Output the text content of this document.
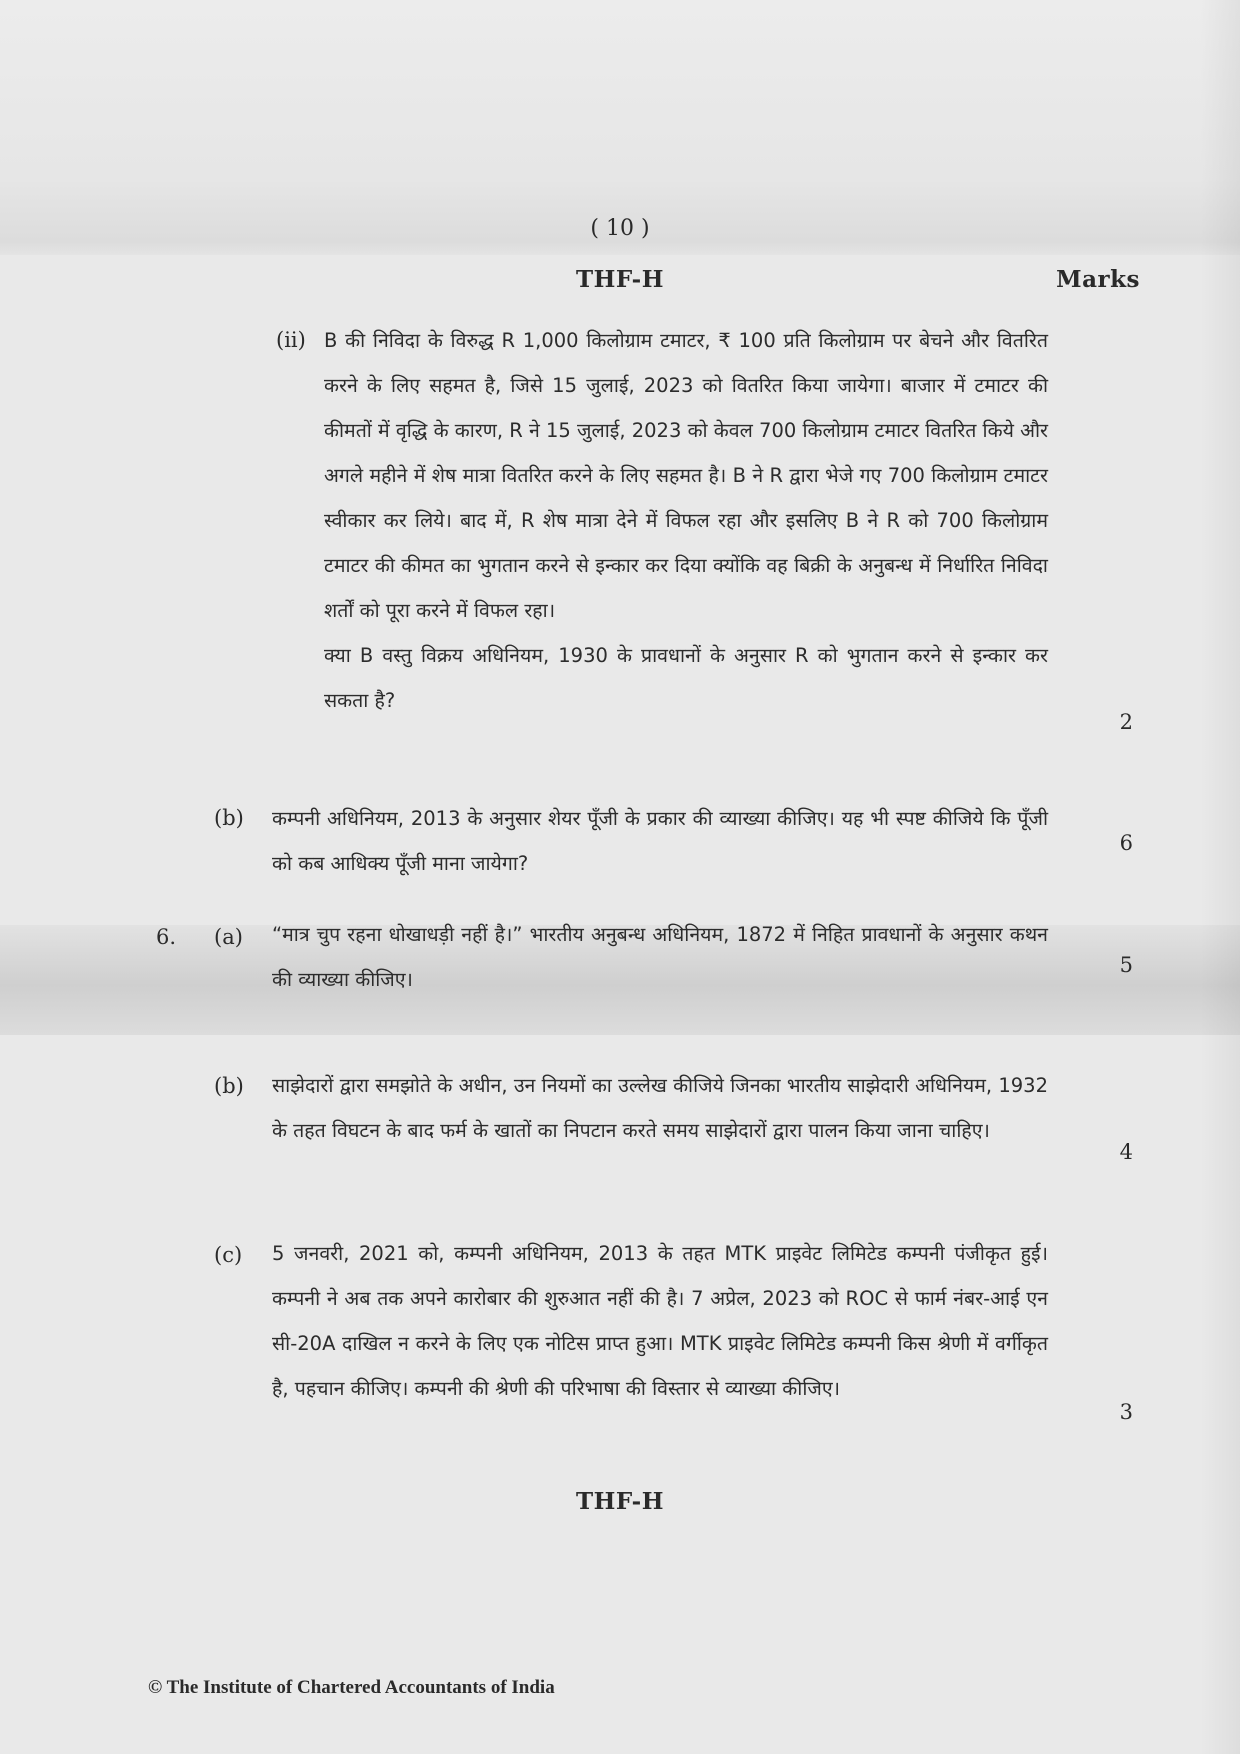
( 10 )
THF-H	Marks
(ii) B की निविदा के विरुद्ध R 1,000 किलोग्राम टमाटर, ₹ 100 प्रति किलोग्राम पर बेचने और वितरित करने के लिए सहमत है, जिसे 15 जुलाई, 2023 को वितरित किया जायेगा। बाजार में टमाटर की कीमतों में वृद्धि के कारण, R ने 15 जुलाई, 2023 को केवल 700 किलोग्राम टमाटर वितरित किये और अगले महीने में शेष मात्रा वितरित करने के लिए सहमत है। B ने R द्वारा भेजे गए 700 किलोग्राम टमाटर स्वीकार कर लिये। बाद में, R शेष मात्रा देने में विफल रहा और इसलिए B ने R को 700 किलोग्राम टमाटर की कीमत का भुगतान करने से इन्कार कर दिया क्योंकि वह बिक्री के अनुबन्ध में निर्धारित निविदा शर्तों को पूरा करने में विफल रहा।

क्या B वस्तु विक्रय अधिनियम, 1930 के प्रावधानों के अनुसार R को भुगतान करने से इन्कार कर सकता है?

2
(b) कम्पनी अधिनियम, 2013 के अनुसार शेयर पूँजी के प्रकार की व्याख्या कीजिए। यह भी स्पष्ट कीजिये कि पूँजी को कब आधिक्य पूँजी माना जायेगा?
6
6. (a) “मात्र चुप रहना धोखाधड़ी नहीं है।” भारतीय अनुबन्ध अधिनियम, 1872 में निहित प्रावधानों के अनुसार कथन की व्याख्या कीजिए।
5
(b) साझेदारों द्वारा समझोते के अधीन, उन नियमों का उल्लेख कीजिये जिनका भारतीय साझेदारी अधिनियम, 1932 के तहत विघटन के बाद फर्म के खातों का निपटान करते समय साझेदारों द्वारा पालन किया जाना चाहिए।
4
(c) 5 जनवरी, 2021 को, कम्पनी अधिनियम, 2013 के तहत MTK प्राइवेट लिमिटेड कम्पनी पंजीकृत हुई। कम्पनी ने अब तक अपने कारोबार की शुरुआत नहीं की है। 7 अप्रेल, 2023 को ROC से फार्म नंबर-आई एन सी-20A दाखिल न करने के लिए एक नोटिस प्राप्त हुआ। MTK प्राइवेट लिमिटेड कम्पनी किस श्रेणी में वर्गीकृत है, पहचान कीजिए। कम्पनी की श्रेणी की परिभाषा की विस्तार से व्याख्या कीजिए।
3
THF-H
© The Institute of Chartered Accountants of India
